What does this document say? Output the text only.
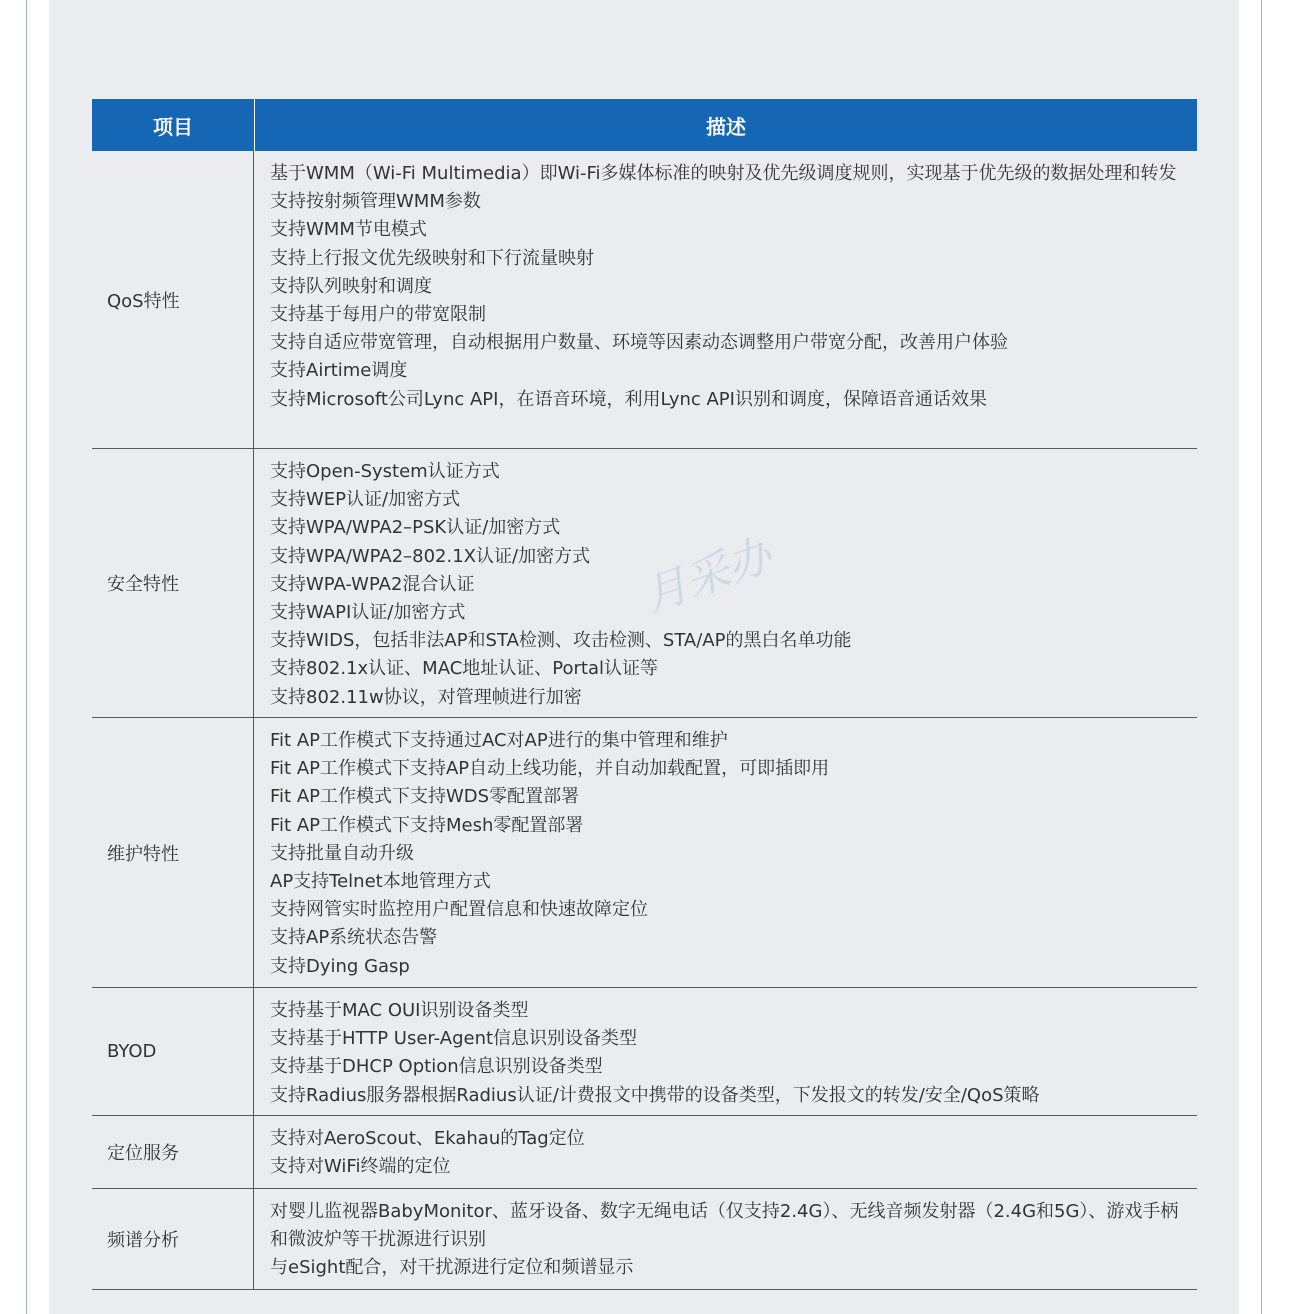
项目	描述
QoS特性
基于WMM（Wi-Fi Multimedia）即Wi-Fi多媒体标准的映射及优先级调度规则，实现基于优先级的数据处理和转发
支持按射频管理WMM参数
支持WMM节电模式
支持上行报文优先级映射和下行流量映射
支持队列映射和调度
支持基于每用户的带宽限制
支持自适应带宽管理，自动根据用户数量、环境等因素动态调整用户带宽分配，改善用户体验
支持Airtime调度
支持Microsoft公司Lync API，在语音环境，利用Lync API识别和调度，保障语音通话效果
安全特性
支持Open-System认证方式
支持WEP认证/加密方式
支持WPA/WPA2–PSK认证/加密方式
支持WPA/WPA2–802.1X认证/加密方式
支持WPA-WPA2混合认证
支持WAPI认证/加密方式
支持WIDS，包括非法AP和STA检测、攻击检测、STA/AP的黑白名单功能
支持802.1x认证、MAC地址认证、Portal认证等
支持802.11w协议，对管理帧进行加密
维护特性
Fit AP工作模式下支持通过AC对AP进行的集中管理和维护
Fit AP工作模式下支持AP自动上线功能，并自动加载配置，可即插即用
Fit AP工作模式下支持WDS零配置部署
Fit AP工作模式下支持Mesh零配置部署
支持批量自动升级
AP支持Telnet本地管理方式
支持网管实时监控用户配置信息和快速故障定位
支持AP系统状态告警
支持Dying Gasp
BYOD
支持基于MAC OUI识别设备类型
支持基于HTTP User-Agent信息识别设备类型
支持基于DHCP Option信息识别设备类型
支持Radius服务器根据Radius认证/计费报文中携带的设备类型，下发报文的转发/安全/QoS策略
定位服务
支持对AeroScout、Ekahau的Tag定位
支持对WiFi终端的定位
频谱分析
对婴儿监视器BabyMonitor、蓝牙设备、数字无绳电话（仅支持2.4G）、无线音频发射器（2.4G和5G）、游戏手柄和微波炉等干扰源进行识别
与eSight配合，对干扰源进行定位和频谱显示
月采办
